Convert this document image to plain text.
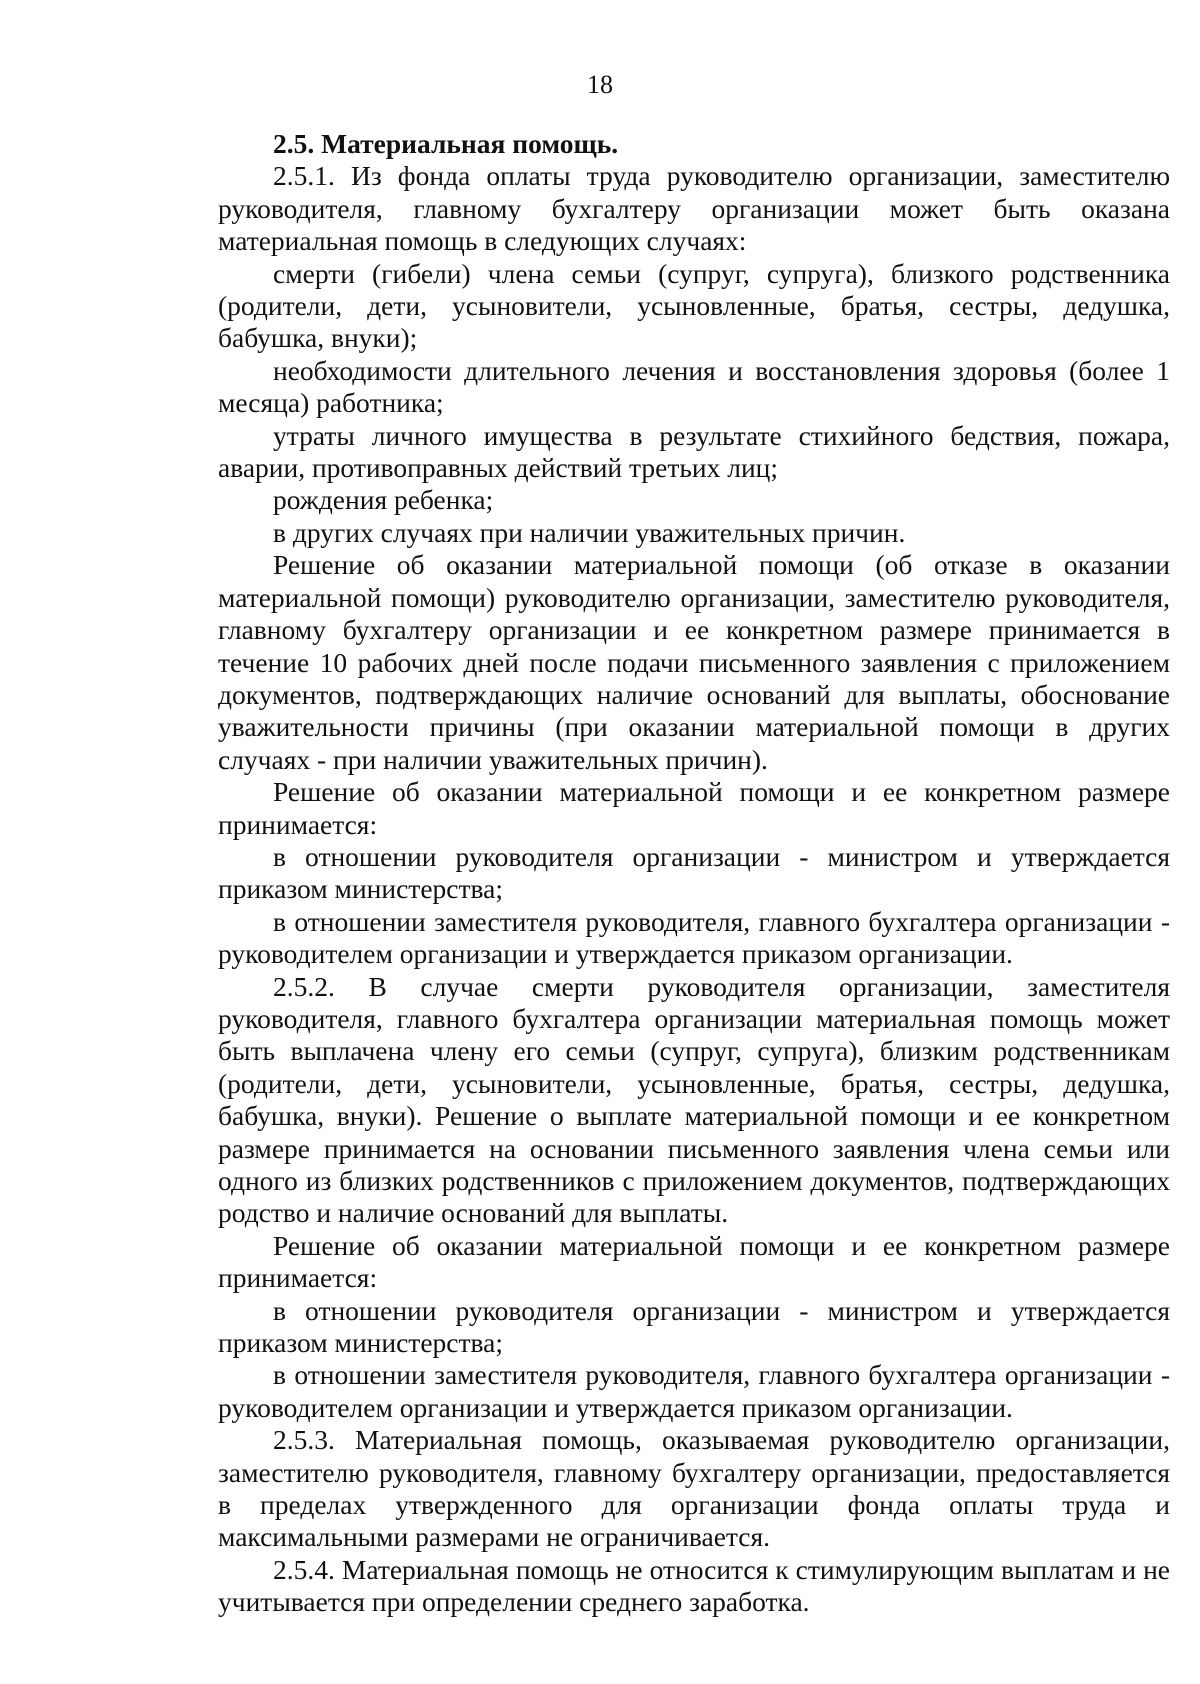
18

2.5. Материальная помощь.

2.5.1. Из фонда оплаты труда руководителю организации, заместителю руководителя, главному бухгалтеру организации может быть оказана материальная помощь в следующих случаях:

смерти (гибели) члена семьи (супруг, супруга), близкого родственника (родители, дети, усыновители, усыновленные, братья, сестры, дедушка, бабушка, внуки);

необходимости длительного лечения и восстановления здоровья (более 1 месяца) работника;

утраты личного имущества в результате стихийного бедствия, пожара, аварии, противоправных действий третьих лиц;

рождения ребенка;

в других случаях при наличии уважительных причин.

Решение об оказании материальной помощи (об отказе в оказании материальной помощи) руководителю организации, заместителю руководителя, главному бухгалтеру организации и ее конкретном размере принимается в течение 10 рабочих дней после подачи письменного заявления с приложением документов, подтверждающих наличие оснований для выплаты, обоснование уважительности причины (при оказании материальной помощи в других случаях - при наличии уважительных причин).

Решение об оказании материальной помощи и ее конкретном размере принимается:

в отношении руководителя организации - министром и утверждается приказом министерства;

в отношении заместителя руководителя, главного бухгалтера организации - руководителем организации и утверждается приказом организации.

2.5.2. В случае смерти руководителя организации, заместителя руководителя, главного бухгалтера организации материальная помощь может быть выплачена члену его семьи (супруг, супруга), близким родственникам (родители, дети, усыновители, усыновленные, братья, сестры, дедушка, бабушка, внуки). Решение о выплате материальной помощи и ее конкретном размере принимается на основании письменного заявления члена семьи или одного из близких родственников с приложением документов, подтверждающих родство и наличие оснований для выплаты.

Решение об оказании материальной помощи и ее конкретном размере принимается:

в отношении руководителя организации - министром и утверждается приказом министерства;

в отношении заместителя руководителя, главного бухгалтера организации - руководителем организации и утверждается приказом организации.

2.5.3. Материальная помощь, оказываемая руководителю организации, заместителю руководителя, главному бухгалтеру организации, предоставляется в пределах утвержденного для организации фонда оплаты труда и максимальными размерами не ограничивается.

2.5.4. Материальная помощь не относится к стимулирующим выплатам и не учитывается при определении среднего заработка.
